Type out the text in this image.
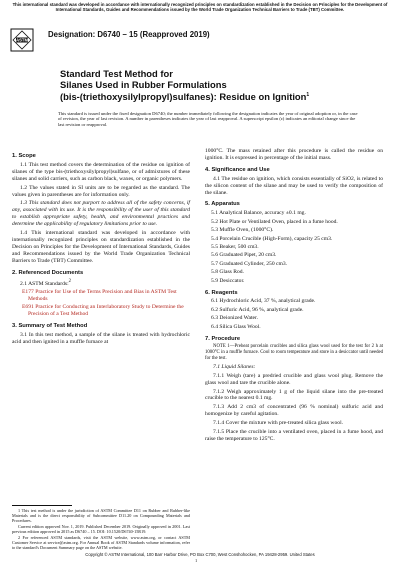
This international standard was developed in accordance with internationally recognized principles on standardization established in the Decision on Principles for the Development of International Standards, Guides and Recommendations issued by the World Trade Organization Technical Barriers to Trade (TBT) Committee.
ASTM
Designation: D6740 – 15 (Reapproved 2019)
Standard Test Method for
Silanes Used in Rubber Formulations
(bis-(triethoxysilylpropyl)sulfanes): Residue on Ignition$^1$
This standard is issued under the fixed designation D6740; the number immediately following the designation indicates the year of original adoption or, in the case of revision, the year of last revision. A number in parentheses indicates the year of last reapproval. A superscript epsilon (ε) indicates an editorial change since the last revision or reapproval.
1. Scope
1.1 This test method covers the determination of the residue on ignition of silanes of the type bis-(triethoxysilylpropyl)sulfane, or of admixtures of these silanes and solid carriers, such as carbon black, waxes, or organic polymers.
1.2 The values stated in SI units are to be regarded as the standard. The values given in parentheses are for information only.
1.3 This standard does not purport to address all of the safety concerns, if any, associated with its use. It is the responsibility of the user of this standard to establish appropriate safety, health, and environmental practices and determine the applicability of regulatory limitations prior to use.
1.4 This international standard was developed in accordance with internationally recognized principles on standardization established in the Decision on Principles for the Development of International Standards, Guides and Recommendations issued by the World Trade Organization Technical Barriers to Trade (TBT) Committee.
2. Referenced Documents
2.1 ASTM Standards:$^2$
E177 Practice for Use of the Terms Precision and Bias in ASTM Test Methods
E691 Practice for Conducting an Interlaboratory Study to Determine the Precision of a Test Method
3. Summary of Test Method
3.1 In this test method, a sample of the silane is treated with hydrochloric acid and then ignited in a muffle furnace at
1 This test method is under the jurisdiction of ASTM Committee D11 on Rubber and Rubber-like Materials and is the direct responsibility of Subcommittee D11.20 on Compounding Materials and Procedures.
Current edition approved Nov. 1, 2019. Published December 2019. Originally approved in 2001. Last previous edition approved in 2015 as D6740 – 15. DOI: 10.1520/D6740-15R19.
2 For referenced ASTM standards, visit the ASTM website, www.astm.org, or contact ASTM Customer Service at service@astm.org. For Annual Book of ASTM Standards volume information, refer to the standard's Document Summary page on the ASTM website.
1000°C. The mass retained after this procedure is called the residue on ignition. It is expressed in percentage of the initial mass.
4. Significance and Use
4.1 The residue on ignition, which consists essentially of SiO2, is related to the silicon content of the silane and may be used to verify the composition of the silane.
5. Apparatus
5.1 Analytical Balance, accuracy ±0.1 mg.
5.2 Hot Plate or Ventilated Oven, placed in a fume hood.
5.3 Muffle Oven, (1000°C).
5.4 Porcelain Crucible (High-Form), capacity 25 cm3.
5.5 Beaker, 500 cm3.
5.6 Graduated Pipet, 20 cm3.
5.7 Graduated Cylinder, 250 cm3.
5.8 Glass Rod.
5.9 Desiccator.
6. Reagents
6.1 Hydrochloric Acid, 37 %, analytical grade.
6.2 Sulfuric Acid, 96 %, analytical grade.
6.3 Deionized Water.
6.4 Silica Glass Wool.
7. Procedure
NOTE 1—Preheat porcelain crucibles and silica glass wool used for the test for 2 h at 1000°C in a muffle furnace. Cool to room temperature and store in a desiccator until needed for the test.
7.1 Liquid Silanes:
7.1.1 Weigh (tare) a predried crucible and glass wool plug. Remove the glass wool and tare the crucible alone.
7.1.2 Weigh approximately 1 g of the liquid silane into the pre-treated crucible to the nearest 0.1 mg.
7.1.3 Add 2 cm3 of concentrated (96 % nominal) sulfuric acid and homogenize by careful agitation.
7.1.4 Cover the mixture with pre-treated silica glass wool.
7.1.5 Place the crucible into a ventilated oven, placed in a fume hood, and raise the temperature to 125°C.
Copyright © ASTM International, 100 Barr Harbor Drive, PO Box C700, West Conshohocken, PA 19428-2959. United States
1
